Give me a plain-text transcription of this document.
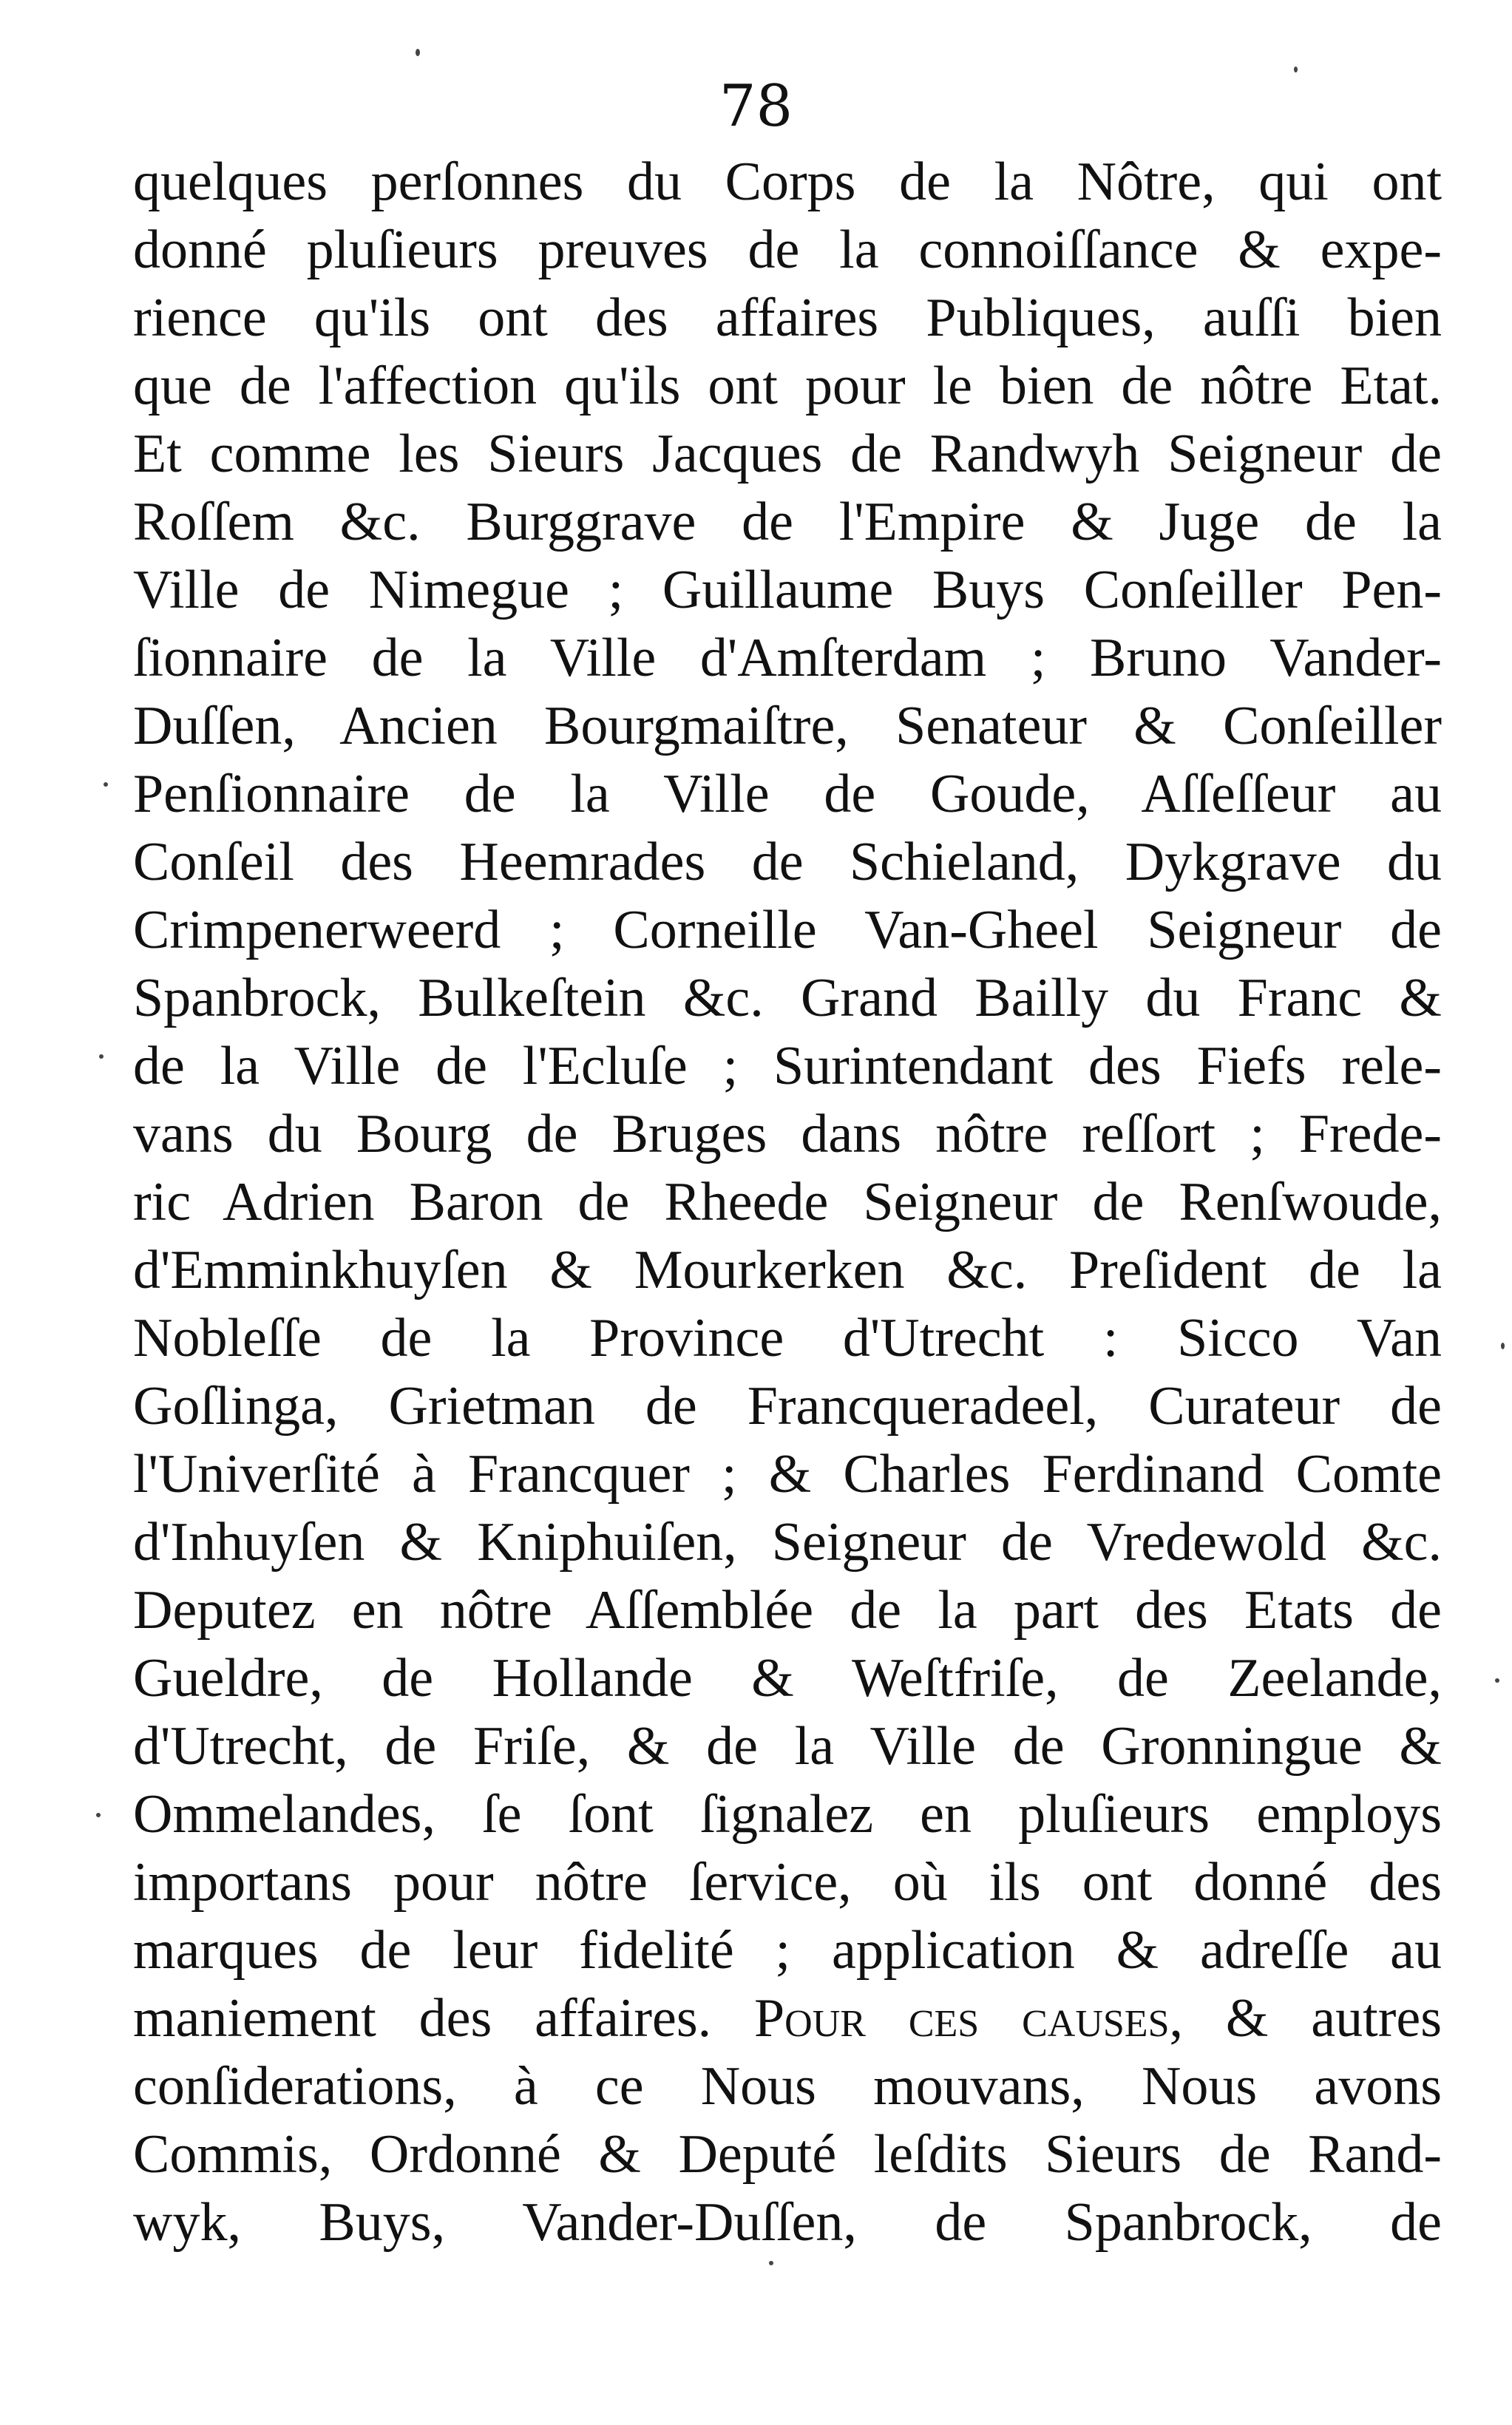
78
quelques perſonnes du Corps de la Nôtre, qui ont
donné pluſieurs preuves de la connoiſſance & expe-
rience qu'ils ont des affaires Publiques, auſſi bien
que de l'affection qu'ils ont pour le bien de nôtre Etat.
Et comme les Sieurs Jacques de Randwyh Seigneur de
Roſſem &c. Burggrave de l'Empire & Juge de la
Ville de Nimegue ; Guillaume Buys Conſeiller Pen-
ſionnaire de la Ville d'Amſterdam ; Bruno Vander-
Duſſen, Ancien Bourgmaiſtre, Senateur & Conſeiller
Penſionnaire de la Ville de Goude, Aſſeſſeur au
Conſeil des Heemrades de Schieland, Dykgrave du
Crimpenerweerd ; Corneille Van-Gheel Seigneur de
Spanbrock, Bulkeſtein &c. Grand Bailly du Franc &
de la Ville de l'Ecluſe ; Surintendant des Fiefs rele-
vans du Bourg de Bruges dans nôtre reſſort ; Frede-
ric Adrien Baron de Rheede Seigneur de Renſwoude,
d'Emminkhuyſen & Mourkerken &c. Preſident de la
Nobleſſe de la Province d'Utrecht : Sicco Van
Goſlinga, Grietman de Francqueradeel, Curateur de
l'Univerſité à Francquer ; & Charles Ferdinand Comte
d'Inhuyſen & Kniphuiſen, Seigneur de Vredewold &c.
Deputez en nôtre Aſſemblée de la part des Etats de
Gueldre, de Hollande & Weſtfriſe, de Zeelande,
d'Utrecht, de Friſe, & de la Ville de Gronningue &
Ommelandes, ſe ſont ſignalez en pluſieurs employs
importans pour nôtre ſervice, où ils ont donné des
marques de leur fidelité ; application & adreſſe au
maniement des affaires. Pour ces causes, & autres
conſiderations, à ce Nous mouvans, Nous avons
Commis, Ordonné & Deputé leſdits Sieurs de Rand-
wyk, Buys, Vander-Duſſen, de Spanbrock, de
